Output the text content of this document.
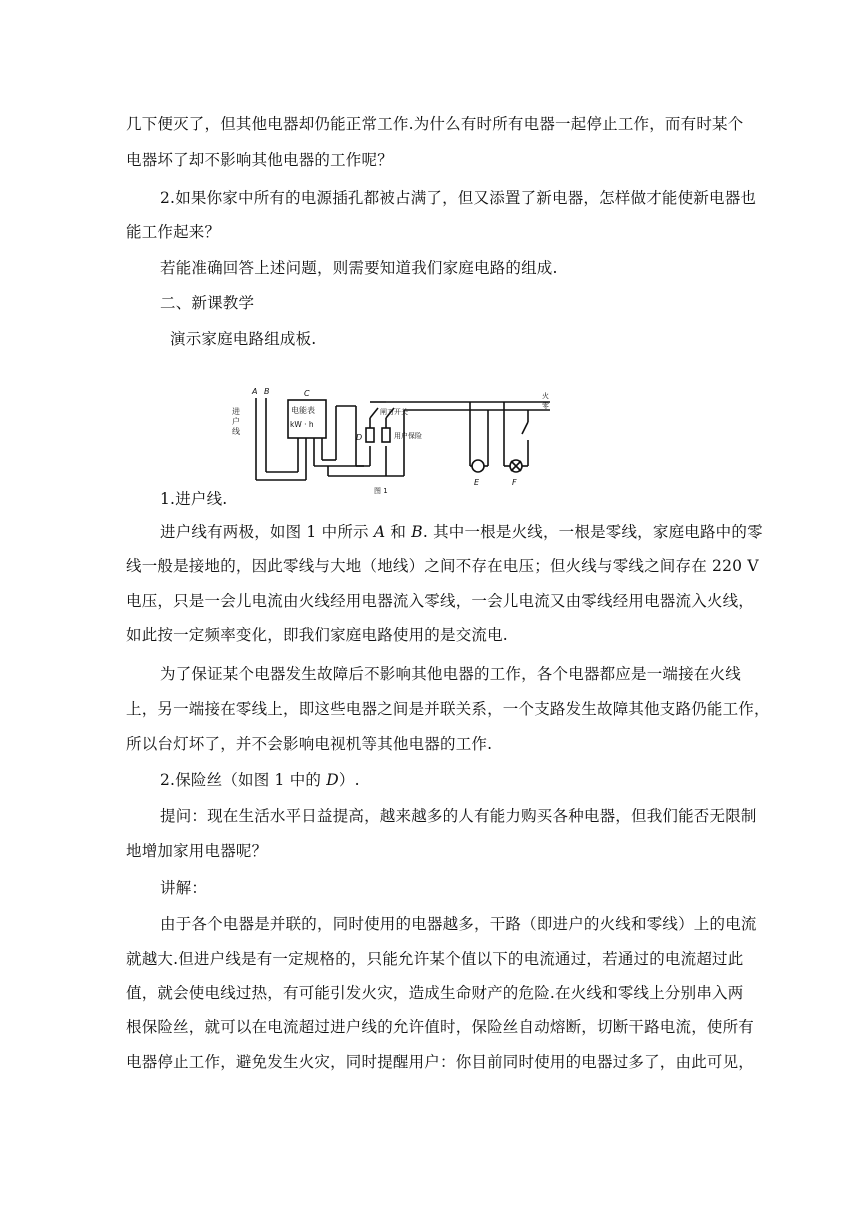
几下便灭了，但其他电器却仍能正常工作.为什么有时所有电器一起停止工作，而有时某个
电器坏了却不影响其他电器的工作呢？
2.如果你家中所有的电源插孔都被占满了，但又添置了新电器，怎样做才能使新电器也
能工作起来？
若能准确回答上述问题，则需要知道我们家庭电路的组成.
二、新课教学
演示家庭电路组成板.
A B	C
进
户
线
电能表
kW · h
闸刀开关
用户保险
D
火
零
E	F
图 1
1.进户线.
进户线有两极，如图 1 中所示 A 和 B. 其中一根是火线，一根是零线，家庭电路中的零
线一般是接地的，因此零线与大地（地线）之间不存在电压；但火线与零线之间存在 220 V
电压，只是一会儿电流由火线经用电器流入零线，一会儿电流又由零线经用电器流入火线，
如此按一定频率变化，即我们家庭电路使用的是交流电.
为了保证某个电器发生故障后不影响其他电器的工作，各个电器都应是一端接在火线
上，另一端接在零线上，即这些电器之间是并联关系，一个支路发生故障其他支路仍能工作，
所以台灯坏了，并不会影响电视机等其他电器的工作.
2.保险丝（如图 1 中的 D）.
提问：现在生活水平日益提高，越来越多的人有能力购买各种电器，但我们能否无限制
地增加家用电器呢？
讲解：
由于各个电器是并联的，同时使用的电器越多，干路（即进户的火线和零线）上的电流
就越大.但进户线是有一定规格的，只能允许某个值以下的电流通过，若通过的电流超过此
值，就会使电线过热，有可能引发火灾，造成生命财产的危险.在火线和零线上分别串入两
根保险丝，就可以在电流超过进户线的允许值时，保险丝自动熔断，切断干路电流，使所有
电器停止工作，避免发生火灾，同时提醒用户：你目前同时使用的电器过多了，由此可见，
